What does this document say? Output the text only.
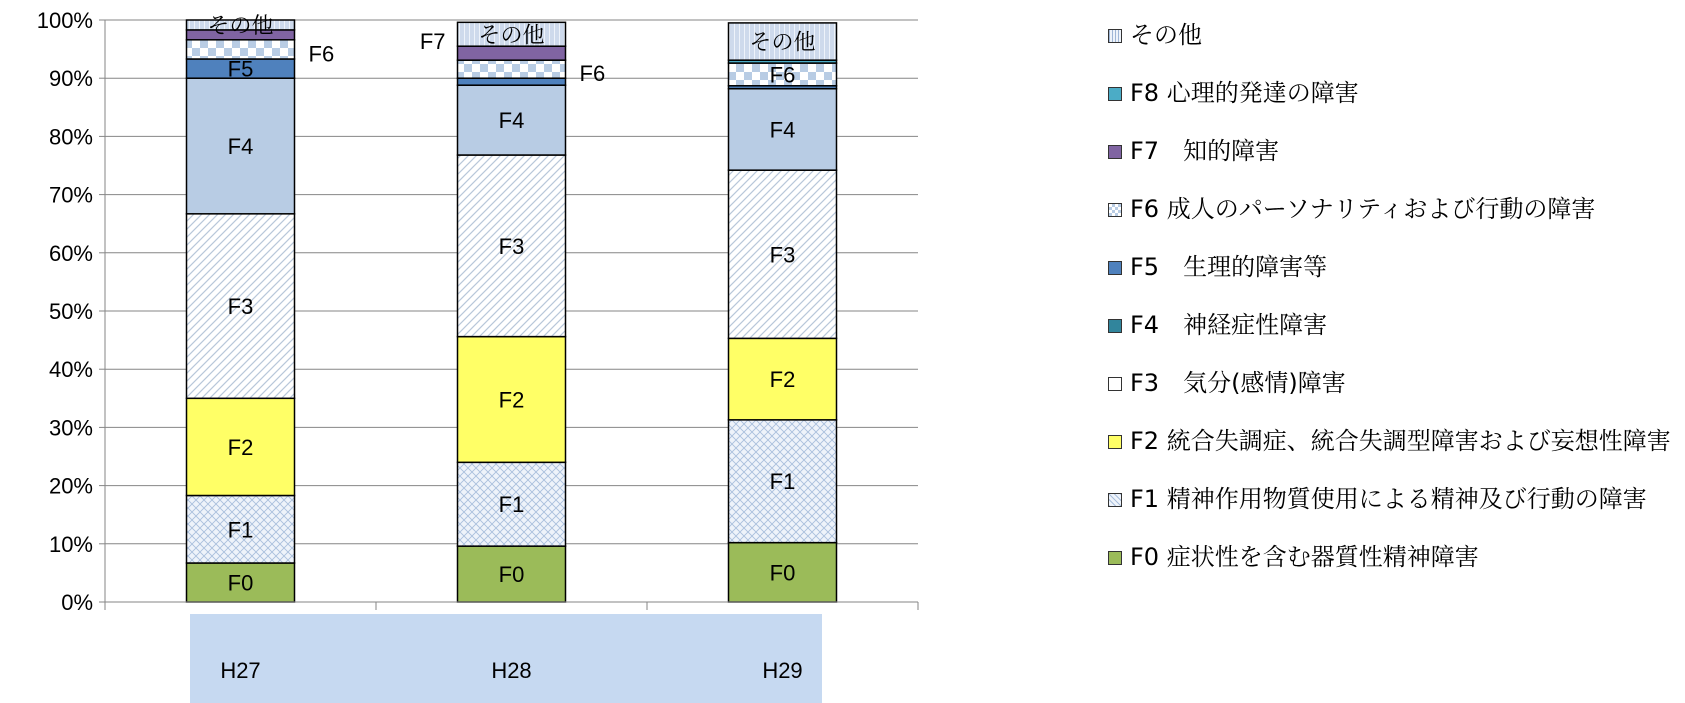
0%
10%
20%
30%
40%
50%
60%
70%
80%
90%
100%
F0
F1
F2
F3
F4
F5
その他
H27
F0
F1
F2
F3
F4
その他
H28
F0
F1
F2
F3
F4
F6
その他
H29
F6	F7
F6
その他
F8 心理的発達の障害
F7　知的障害
F6 成人のパーソナリティおよび行動の障害
F5　生理的障害等
F4　神経症性障害
F3　気分(感情)障害
F2 統合失調症、統合失調型障害および妄想性障害
F1 精神作用物質使用による精神及び行動の障害
F0 症状性を含む器質性精神障害
